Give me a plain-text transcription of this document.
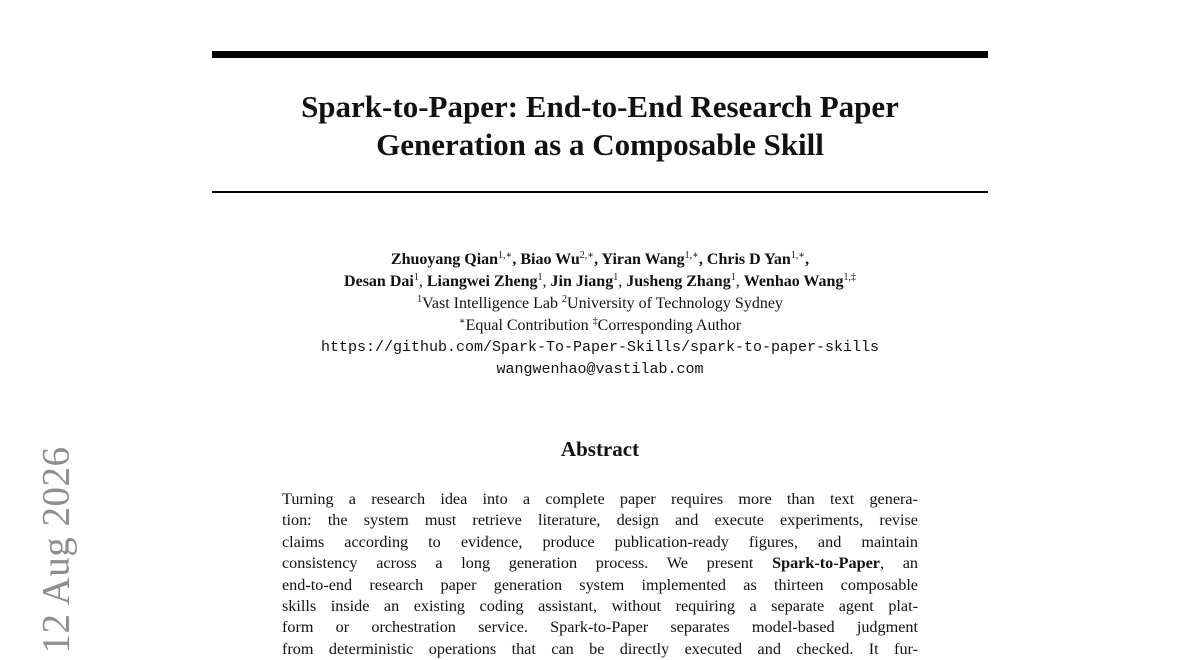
Spark-to-Paper: End-to-End Research Paper
Generation as a Composable Skill
Zhuoyang Qian$^{1,∗}$, Biao $Wu^{2,∗}$, Yiran Wang$^{1,∗}$, Chris D Yan$^{1,∗}$,
Desan Dai$^1$, Liangwei Zheng$^1$, Jin Jiang$^1$, Jusheng Zhang$^1$, Wenhao Wang$^{1,\ddagger}$
$^1$Vast Intelligence Lab $^2$University of Technology Sydney
∗Equal Contribution ‡Corresponding Author
https://github.com/Spark-To-Paper-Skills/spark-to-paper-skills
wangwenhao@vastilab.com
Abstract
Turning a research idea into a complete paper requires more than text genera-
tion: the system must retrieve literature, design and execute experiments, revise
claims according to evidence, produce publication-ready figures, and maintain
consistency across a long generation process. We present Spark-to-Paper, an
end-to-end research paper generation system implemented as thirteen composable
skills inside an existing coding assistant, without requiring a separate agent plat-
form or orchestration service. Spark-to-Paper separates model-based judgment
from deterministic operations that can be directly executed and checked. It fur-
12 Aug 2026
